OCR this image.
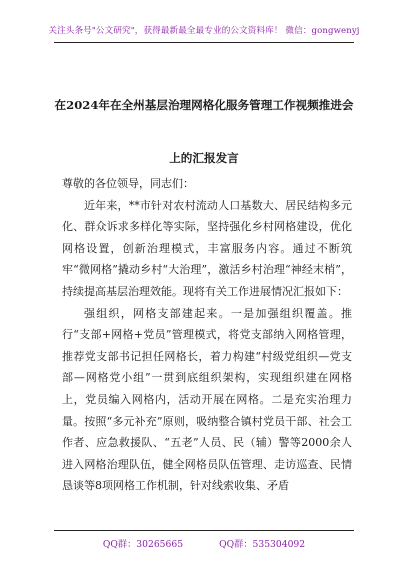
关注头条号"公文研究"，获得最新最全最专业的公文资料库！ 微信：gongwenyj
在2024年在全州基层治理网格化服务管理工作视频推进会
上的汇报发言

尊敬的各位领导，同志们：

近年来，**市针对农村流动人口基数大、居民结构多元化、群众诉求多样化等实际，坚持强化乡村网格建设，优化网格设置，创新治理模式，丰富服务内容。通过不断筑牢“微网格”撬动乡村“大治理”，激活乡村治理“神经末梢”，持续提高基层治理效能。现将有关工作进展情况汇报如下：

强组织，网格支部建起来。一是加强组织覆盖。推行“支部+网格+党员”管理模式，将党支部纳入网格管理，推荐党支部书记担任网格长，着力构建“村级党组织—党支部—网格党小组”一贯到底组织架构，实现组织建在网格上，党员编入网格内，活动开展在网格。二是充实治理力量。按照“多元补充”原则，吸纳整合镇村党员干部、社会工作者、应急救援队、“五老”人员、民（辅）警等2000余人进入网格治理队伍，健全网格员队伍管理、走访巡查、民情恳谈等8项网格工作机制，针对线索收集、矛盾

QQ群：30265665	QQ群：535304092
